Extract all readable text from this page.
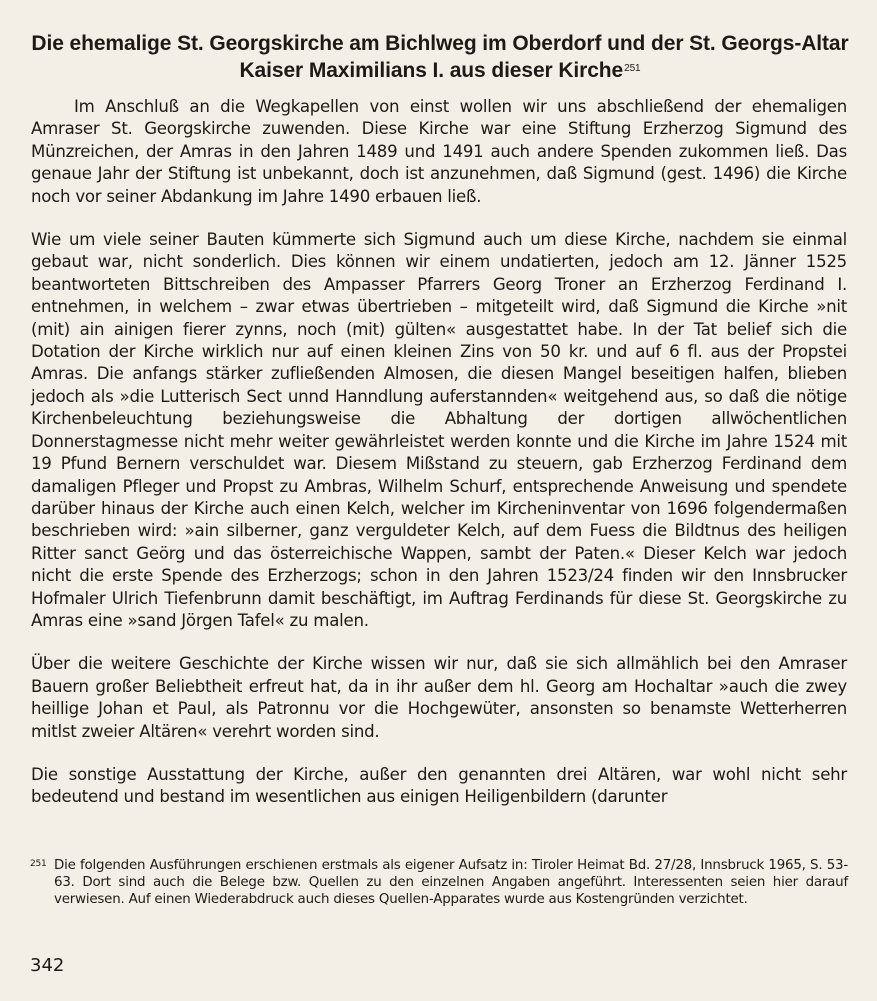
Die ehemalige St. Georgskirche am Bichlweg im Oberdorf und der St. Georgs-Altar Kaiser Maximilians I. aus dieser Kirche$^{251}$

Im Anschluß an die Wegkapellen von einst wollen wir uns abschließend der ehemaligen Amraser St. Georgskirche zuwenden. Diese Kirche war eine Stiftung Erzherzog Sigmund des Münzreichen, der Amras in den Jahren 1489 und 1491 auch andere Spenden zukommen ließ. Das genaue Jahr der Stiftung ist unbekannt, doch ist anzunehmen, daß Sigmund (gest. 1496) die Kirche noch vor seiner Abdankung im Jahre 1490 erbauen ließ.

Wie um viele seiner Bauten kümmerte sich Sigmund auch um diese Kirche, nachdem sie einmal gebaut war, nicht sonderlich. Dies können wir einem undatierten, jedoch am 12. Jänner 1525 beantworteten Bittschreiben des Ampasser Pfarrers Georg Troner an Erzherzog Ferdinand I. entnehmen, in welchem – zwar etwas übertrieben – mitgeteilt wird, daß Sigmund die Kirche »nit (mit) ain ainigen fierer zynns, noch (mit) gülten« ausgestattet habe. In der Tat belief sich die Dotation der Kirche wirklich nur auf einen kleinen Zins von 50 kr. und auf 6 fl. aus der Propstei Amras. Die anfangs stärker zufließenden Almosen, die diesen Mangel beseitigen halfen, blieben jedoch als »die Lutterisch Sect unnd Hanndlung auferstannden« weitgehend aus, so daß die nötige Kirchenbeleuchtung beziehungsweise die Abhaltung der dortigen allwöchentlichen Donnerstagmesse nicht mehr weiter gewährleistet werden konnte und die Kirche im Jahre 1524 mit 19 Pfund Bernern verschuldet war. Diesem Mißstand zu steuern, gab Erzherzog Ferdinand dem damaligen Pfleger und Propst zu Ambras, Wilhelm Schurf, entsprechende Anweisung und spendete darüber hinaus der Kirche auch einen Kelch, welcher im Kircheninventar von 1696 folgendermaßen beschrieben wird: »ain silberner, ganz verguldeter Kelch, auf dem Fuess die Bildtnus des heiligen Ritter sanct Geörg und das österreichische Wappen, sambt der Paten.« Dieser Kelch war jedoch nicht die erste Spende des Erzherzogs; schon in den Jahren 1523/24 finden wir den Innsbrucker Hofmaler Ulrich Tiefenbrunn damit beschäftigt, im Auftrag Ferdinands für diese St. Georgskirche zu Amras eine »sand Jörgen Tafel« zu malen.

Über die weitere Geschichte der Kirche wissen wir nur, daß sie sich allmählich bei den Amraser Bauern großer Beliebtheit erfreut hat, da in ihr außer dem hl. Georg am Hochaltar »auch die zwey heillige Johan et Paul, als Patronnu vor die Hochgewüter, ansonsten so benamste Wetterherren mitlst zweier Altären« verehrt worden sind.

Die sonstige Ausstattung der Kirche, außer den genannten drei Altären, war wohl nicht sehr bedeutend und bestand im wesentlichen aus einigen Heiligenbildern (darunter

251 Die folgenden Ausführungen erschienen erstmals als eigener Aufsatz in: Tiroler Heimat Bd. 27/28, Innsbruck 1965, S. 53-63. Dort sind auch die Belege bzw. Quellen zu den einzelnen Angaben angeführt. Interessenten seien hier darauf verwiesen. Auf einen Wiederabdruck auch dieses Quellen-Apparates wurde aus Kostengründen verzichtet.
342
